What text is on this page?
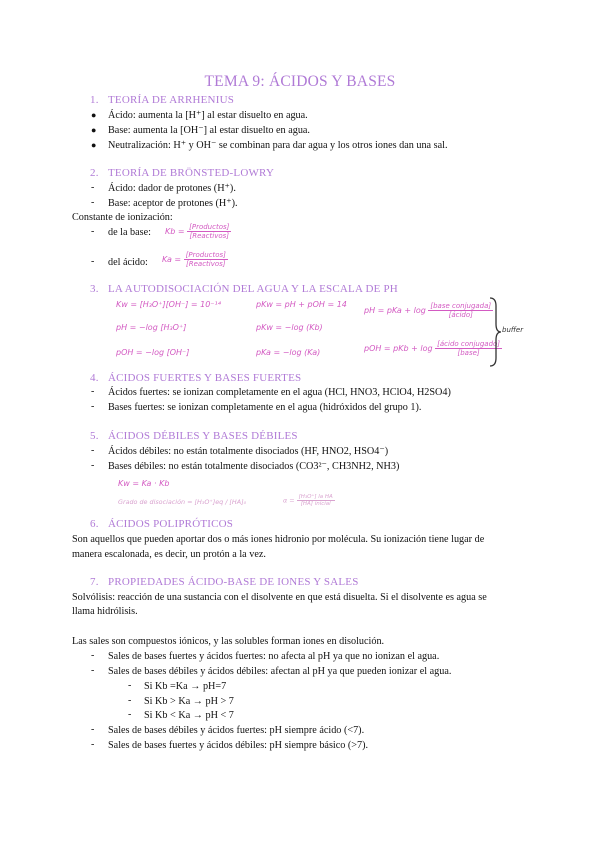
TEMA 9: ÁCIDOS Y BASES
1. TEORÍA DE ARRHENIUS
● Ácido: aumenta la [H⁺] al estar disuelto en agua.
● Base: aumenta la [OH⁻] al estar disuelto en agua.
● Neutralización: H⁺ y OH⁻ se combinan para dar agua y los otros iones dan una sal.
2. TEORÍA DE BRÖNSTED-LOWRY
- Ácido: dador de protones (H⁺).
- Base: aceptor de protones (H⁺).
Constante de ionización:
- de la base: $Kb = \frac{\text{[Productos]}}{\text{[Reactivos]}}$
- del ácido: $Ka = \frac{\text{[Productos]}}{\text{[Reactivos]}}$
3. LA AUTODISOCIACIÓN DEL AGUA Y LA ESCALA DE PH
Kw = [H₃O⁺][OH⁻] = 10⁻¹⁴
pH = −log [H₃O⁺]
pOH = −log [OH⁻]
pKw = pH + pOH = 14
pKw = −log (Kb)
pKa = −log (Ka)
pH = pKa + $\log \frac{\text{[base conjugada]}}{\text{[ácido]}}$
pOH = pKb + $\log \frac{\text{[ácido conjugado]}}{\text{[base]}}$
buffer
4. ÁCIDOS FUERTES Y BASES FUERTES
- Ácidos fuertes: se ionizan completamente en el agua (HCl, HNO3, HClO4, H2SO4)
- Bases fuertes: se ionizan completamente en el agua (hidróxidos del grupo 1).
5. ÁCIDOS DÉBILES Y BASES DÉBILES
- Ácidos débiles: no están totalmente disociados (HF, HNO2, HSO4⁻)
- Bases débiles: no están totalmente disociados (CO3²⁻, CH3NH2, NH3)
Kw = Ka · Kb
Grado de disociación = [H₃O⁺]eq / [HA]₀	$\alpha = \frac{\text{[H₃O⁺] la HA}}{\text{[HA] inicial}}$
6. ÁCIDOS POLIPRÓTICOS
Son aquellos que pueden aportar dos o más iones hidronio por molécula. Su ionización tiene lugar de
manera escalonada, es decir, un protón a la vez.
7. PROPIEDADES ÁCIDO-BASE DE IONES Y SALES
Solvólisis: reacción de una sustancia con el disolvente en que está disuelta. Si el disolvente es agua se
llama hidrólisis.
Las sales son compuestos iónicos, y las solubles forman iones en disolución.
- Sales de bases fuertes y ácidos fuertes: no afecta al pH ya que no ionizan el agua.
- Sales de bases débiles y ácidos débiles: afectan al pH ya que pueden ionizar el agua.
- Si Kb =Ka → pH=7
- Si Kb > Ka → pH > 7
- Si Kb < Ka → pH < 7
- Sales de bases débiles y ácidos fuertes: pH siempre ácido (<7).
- Sales de bases fuertes y ácidos débiles: pH siempre básico (>7).
